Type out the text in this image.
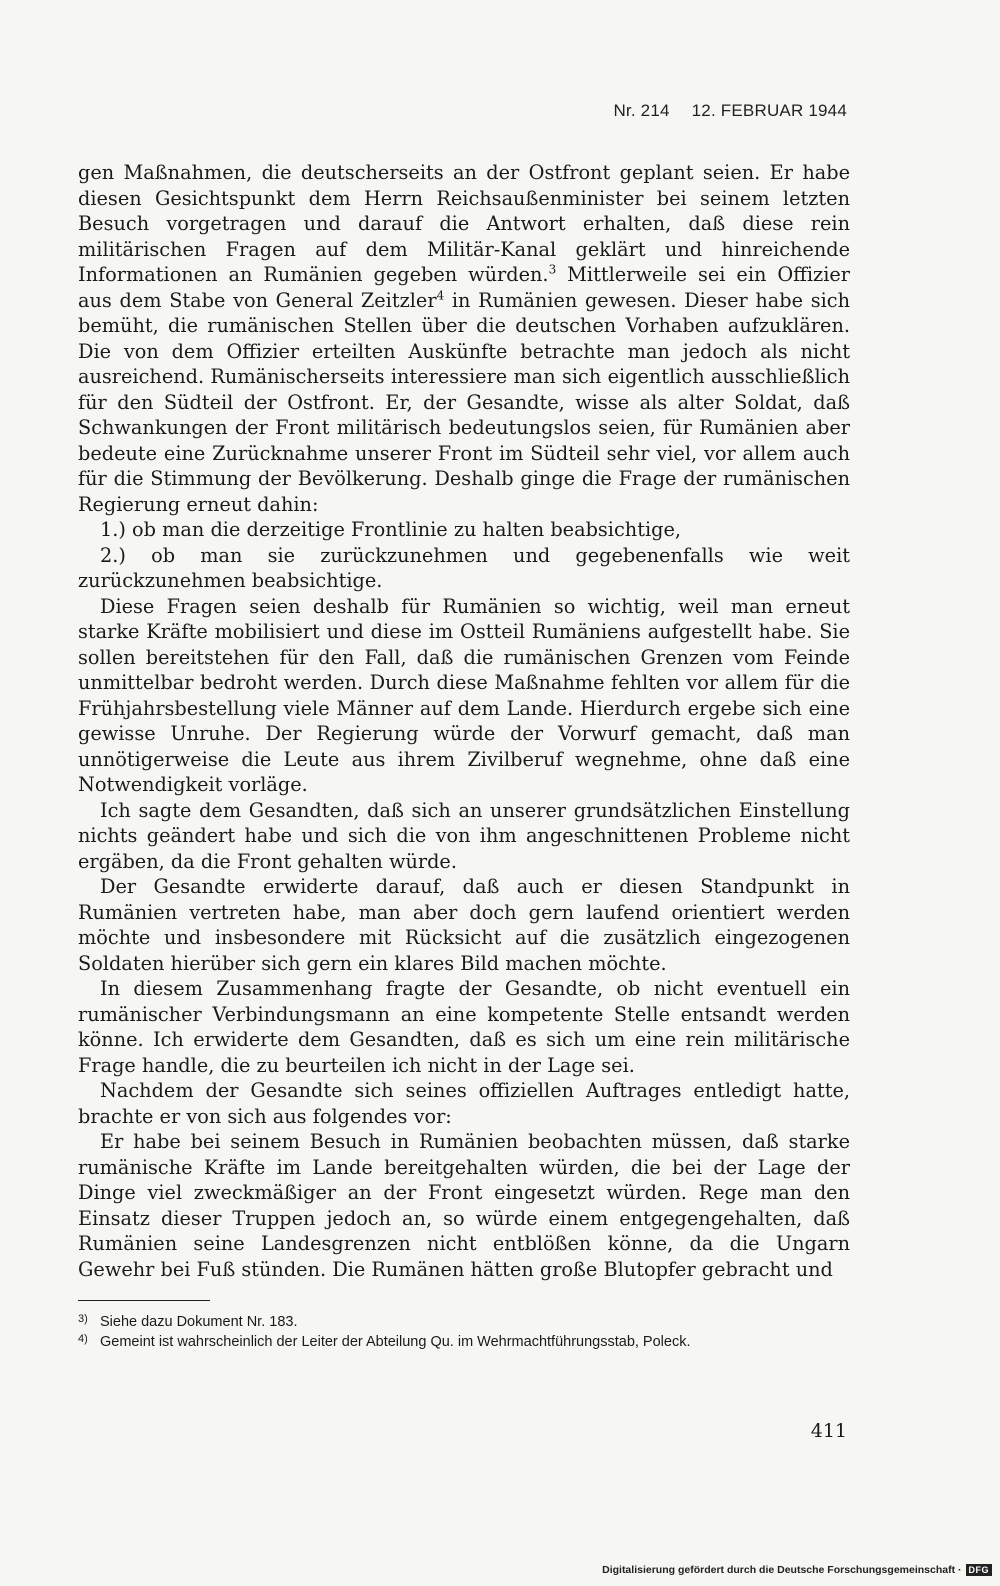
Nr. 214 12. FEBRUAR 1944

gen Maßnahmen, die deutscherseits an der Ostfront geplant seien. Er habe diesen Gesichtspunkt dem Herrn Reichsaußenminister bei seinem letzten Besuch vorgetragen und darauf die Antwort erhalten, daß diese rein militärischen Fragen auf dem Militär-Kanal geklärt und hinreichende Informationen an Rumänien gegeben würden.$^3$ Mittlerweile sei ein Offizier aus dem Stabe von General Zeitzler$^4$ in Rumänien gewesen. Dieser habe sich bemüht, die rumänischen Stellen über die deutschen Vorhaben aufzuklären. Die von dem Offizier erteilten Auskünfte betrachte man jedoch als nicht ausreichend. Rumänischerseits interessiere man sich eigentlich ausschließlich für den Südteil der Ostfront. Er, der Gesandte, wisse als alter Soldat, daß Schwankungen der Front militärisch bedeutungslos seien, für Rumänien aber bedeute eine Zurücknahme unserer Front im Südteil sehr viel, vor allem auch für die Stimmung der Bevölkerung. Deshalb ginge die Frage der rumänischen Regierung erneut dahin:

1.) ob man die derzeitige Frontlinie zu halten beabsichtige,

2.) ob man sie zurückzunehmen und gegebenenfalls wie weit zurückzunehmen beabsichtige.

Diese Fragen seien deshalb für Rumänien so wichtig, weil man erneut starke Kräfte mobilisiert und diese im Ostteil Rumäniens aufgestellt habe. Sie sollen bereitstehen für den Fall, daß die rumänischen Grenzen vom Feinde unmittelbar bedroht werden. Durch diese Maßnahme fehlten vor allem für die Frühjahrsbestellung viele Männer auf dem Lande. Hierdurch ergebe sich eine gewisse Unruhe. Der Regierung würde der Vorwurf gemacht, daß man unnötigerweise die Leute aus ihrem Zivilberuf wegnehme, ohne daß eine Notwendigkeit vorläge.

Ich sagte dem Gesandten, daß sich an unserer grundsätzlichen Einstellung nichts geändert habe und sich die von ihm angeschnittenen Probleme nicht ergäben, da die Front gehalten würde.

Der Gesandte erwiderte darauf, daß auch er diesen Standpunkt in Rumänien vertreten habe, man aber doch gern laufend orientiert werden möchte und insbesondere mit Rücksicht auf die zusätzlich eingezogenen Soldaten hierüber sich gern ein klares Bild machen möchte.

In diesem Zusammenhang fragte der Gesandte, ob nicht eventuell ein rumänischer Verbindungsmann an eine kompetente Stelle entsandt werden könne. Ich erwiderte dem Gesandten, daß es sich um eine rein militärische Frage handle, die zu beurteilen ich nicht in der Lage sei.

Nachdem der Gesandte sich seines offiziellen Auftrages entledigt hatte, brachte er von sich aus folgendes vor:

Er habe bei seinem Besuch in Rumänien beobachten müssen, daß starke rumänische Kräfte im Lande bereitgehalten würden, die bei der Lage der Dinge viel zweckmäßiger an der Front eingesetzt würden. Rege man den Einsatz dieser Truppen jedoch an, so würde einem entgegengehalten, daß Rumänien seine Landesgrenzen nicht entblößen könne, da die Ungarn Gewehr bei Fuß stünden. Die Rumänen hätten große Blutopfer gebracht und

3) Siehe dazu Dokument Nr. 183.
4) Gemeint ist wahrscheinlich der Leiter der Abteilung Qu. im Wehrmachtführungsstab, Poleck.
411
Digitalisierung gefördert durch die Deutsche Forschungsgemeinschaft · DFG
